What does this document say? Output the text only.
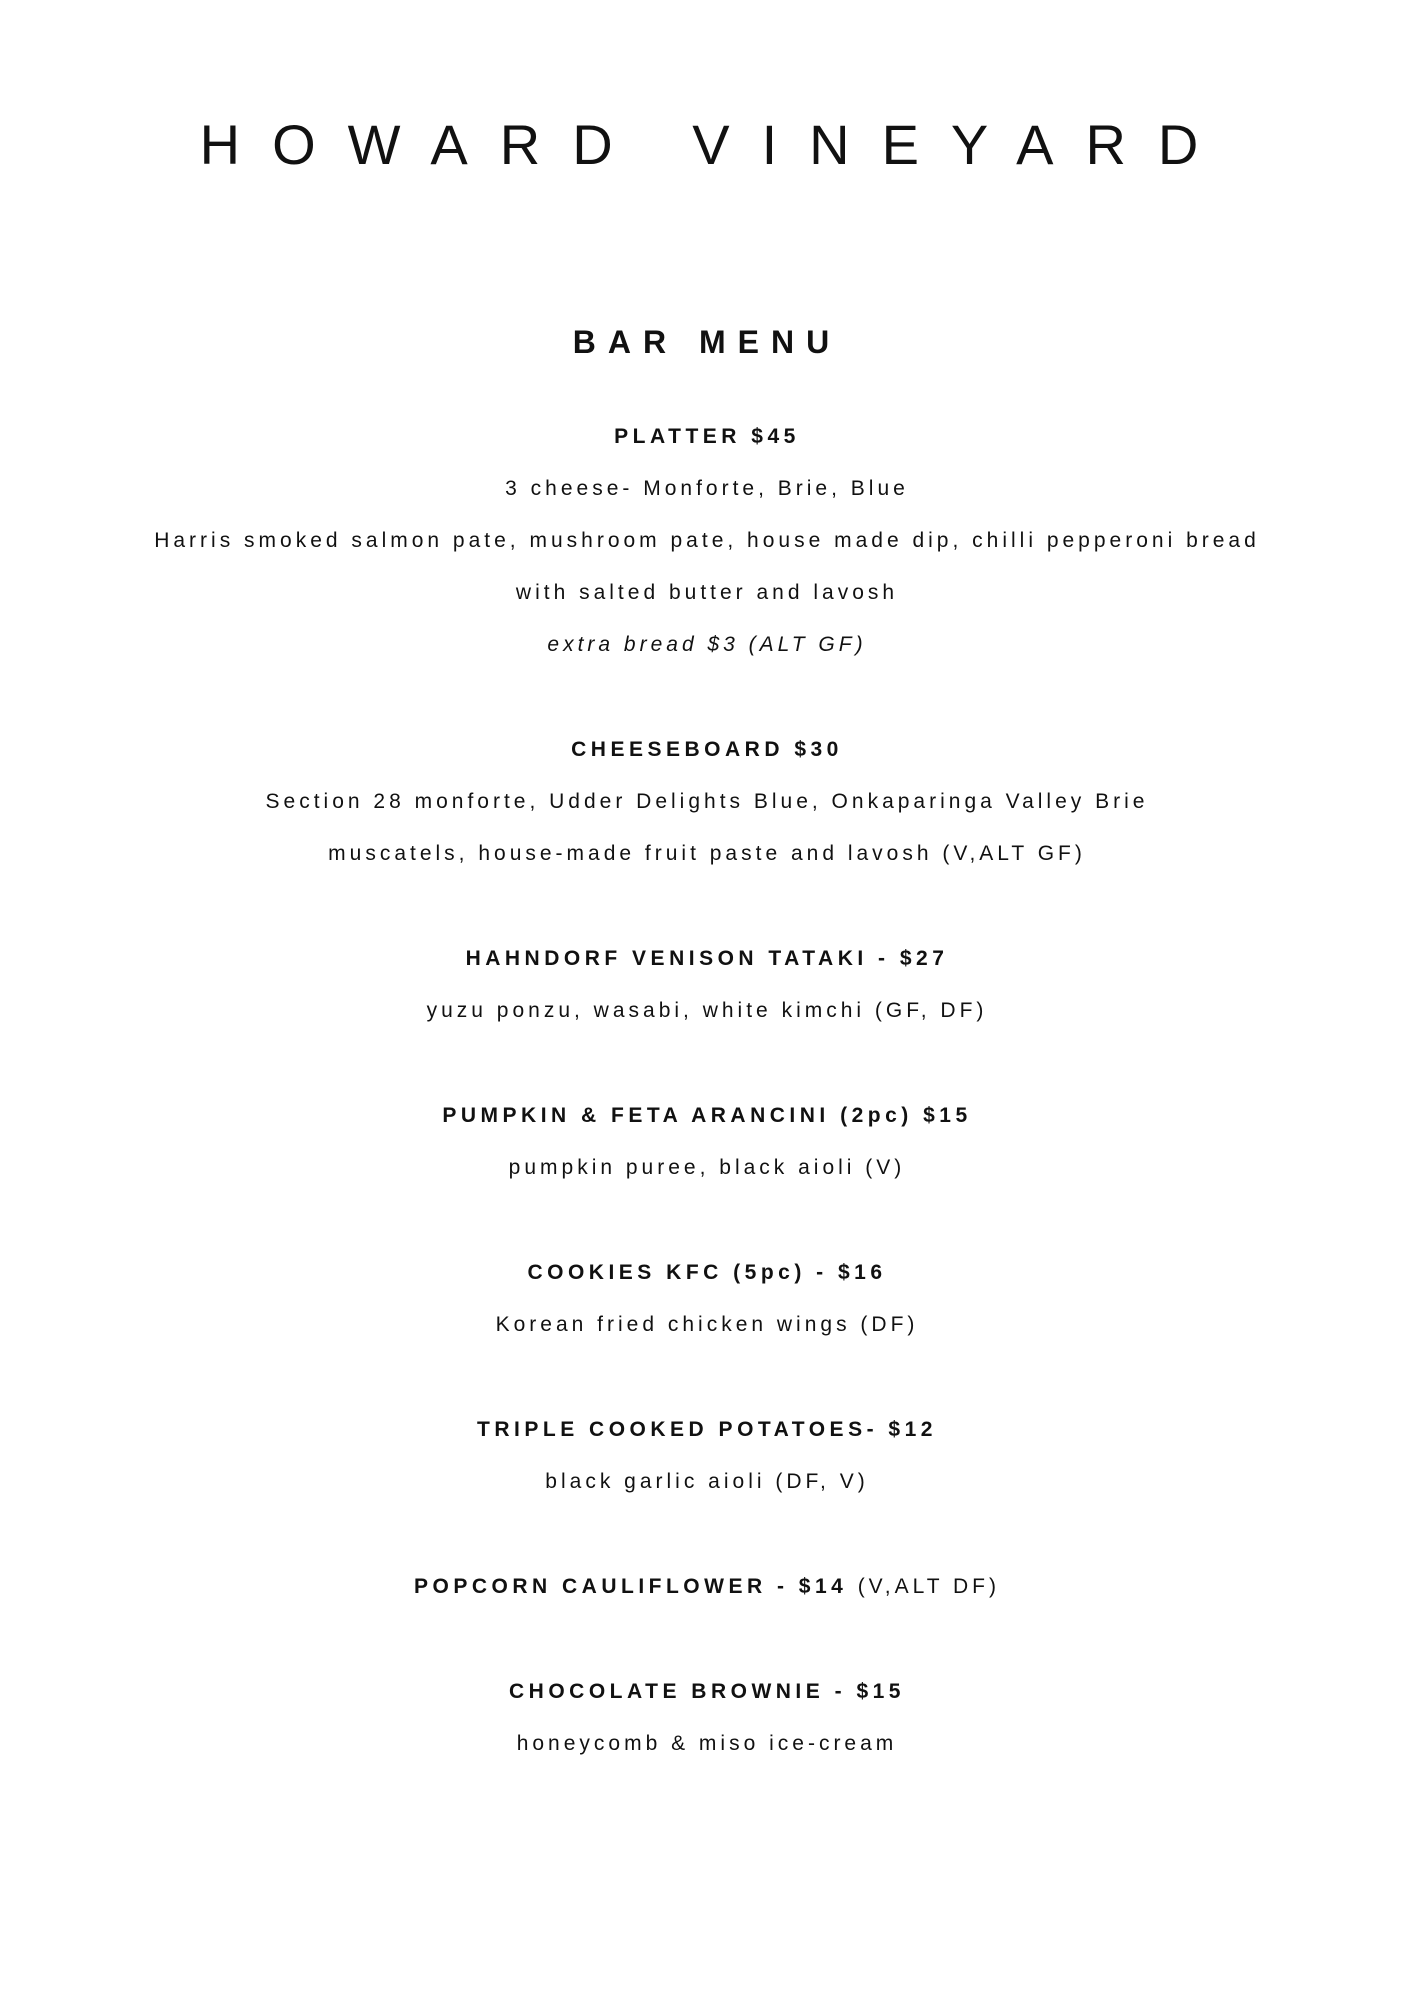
HOWARD VINEYARD
BAR MENU
PLATTER $45
3 cheese- Monforte, Brie, Blue
Harris smoked salmon pate, mushroom pate, house made dip, chilli pepperoni bread
with salted butter and lavosh
extra bread $3 (ALT GF)
CHEESEBOARD $30
Section 28 monforte, Udder Delights Blue, Onkaparinga Valley Brie
muscatels, house-made fruit paste and lavosh (V,ALT GF)
HAHNDORF VENISON TATAKI - $27
yuzu ponzu, wasabi, white kimchi (GF, DF)
PUMPKIN & FETA ARANCINI (2pc) $15
pumpkin puree, black aioli (V)
COOKIES KFC (5pc) - $16
Korean fried chicken wings (DF)
TRIPLE COOKED POTATOES- $12
black garlic aioli (DF, V)
POPCORN CAULIFLOWER - $14 (V,ALT DF)
CHOCOLATE BROWNIE - $15
honeycomb & miso ice-cream
